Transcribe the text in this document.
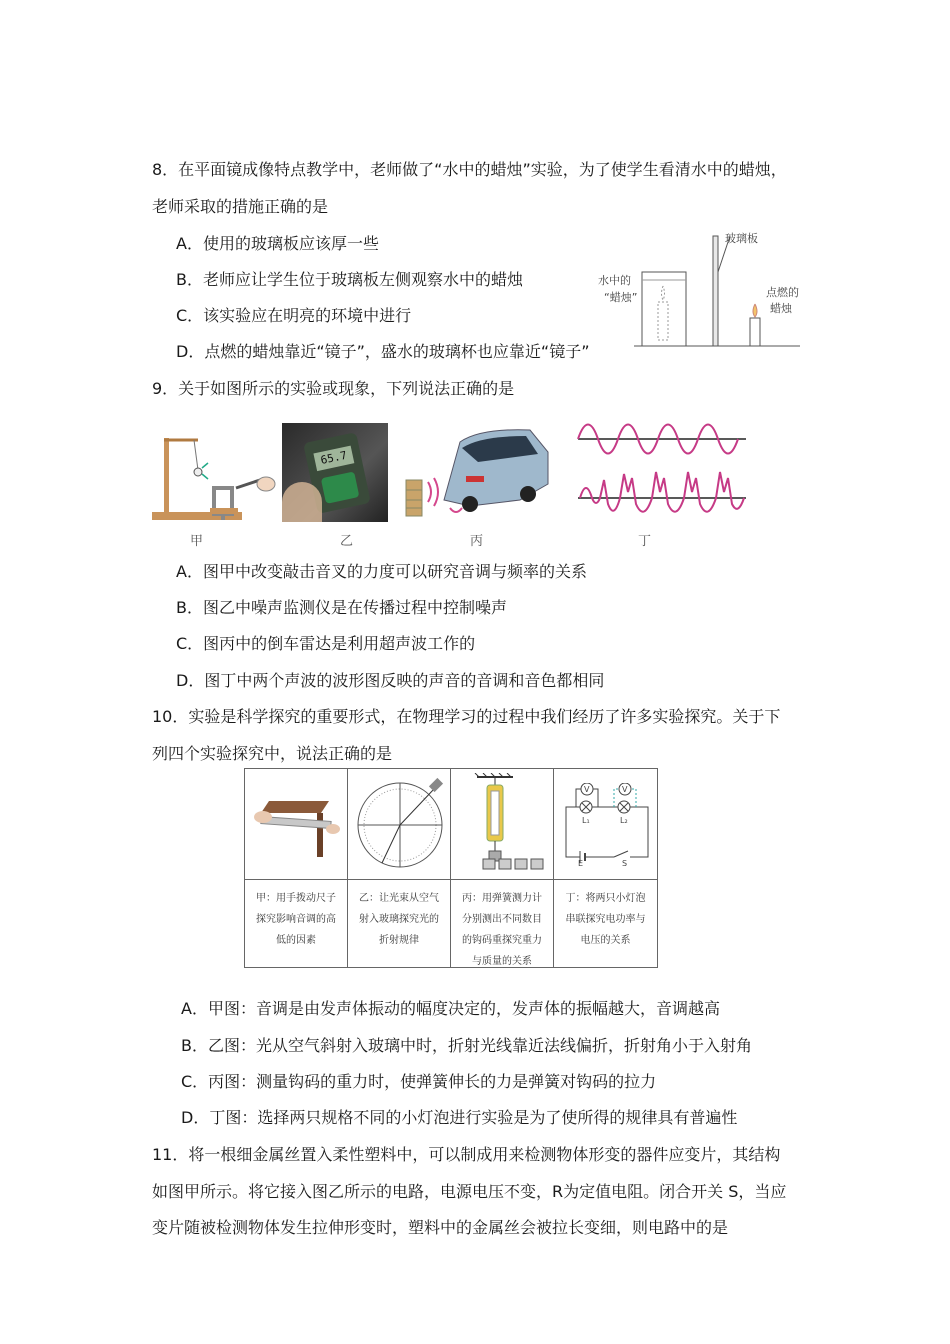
8．在平面镜成像特点教学中，老师做了“水中的蜡烛”实验，为了使学生看清水中的蜡烛，
老师采取的措施正确的是
A．使用的玻璃板应该厚一些
B．老师应让学生位于玻璃板左侧观察水中的蜡烛
C．该实验应在明亮的环境中进行
D．点燃的蜡烛靠近“镜子”，盛水的玻璃杯也应靠近“镜子”
玻璃板
水中的
“蜡烛”	点燃的
蜡烛
9．关于如图所示的实验或现象，下列说法正确的是
甲
65.7
乙	丙	丁
A．图甲中改变敲击音叉的力度可以研究音调与频率的关系
B．图乙中噪声监测仪是在传播过程中控制噪声
C．图丙中的倒车雷达是利用超声波工作的
D．图丁中两个声波的波形图反映的声音的音调和音色都相同
10．实验是科学探究的重要形式，在物理学习的过程中我们经历了许多实验探究。关于下
列四个实验探究中，说法正确的是
甲：用手拨动尺子探究影响音调的高低的因素
乙：让光束从空气射入玻璃探究光的折射规律
丙：用弹簧测力计分别测出不同数目的钩码重探究重力与质量的关系
V	V
L₁	L₂
E	S
丁：将两只小灯泡串联探究电功率与电压的关系
A．甲图：音调是由发声体振动的幅度决定的，发声体的振幅越大，音调越高
B．乙图：光从空气斜射入玻璃中时，折射光线靠近法线偏折，折射角小于入射角
C．丙图：测量钩码的重力时，使弹簧伸长的力是弹簧对钩码的拉力
D．丁图：选择两只规格不同的小灯泡进行实验是为了使所得的规律具有普遍性
11．将一根细金属丝置入柔性塑料中，可以制成用来检测物体形变的器件应变片，其结构
如图甲所示。将它接入图乙所示的电路，电源电压不变，R为定值电阻。闭合开关 S，当应
变片随被检测物体发生拉伸形变时，塑料中的金属丝会被拉长变细，则电路中的是
